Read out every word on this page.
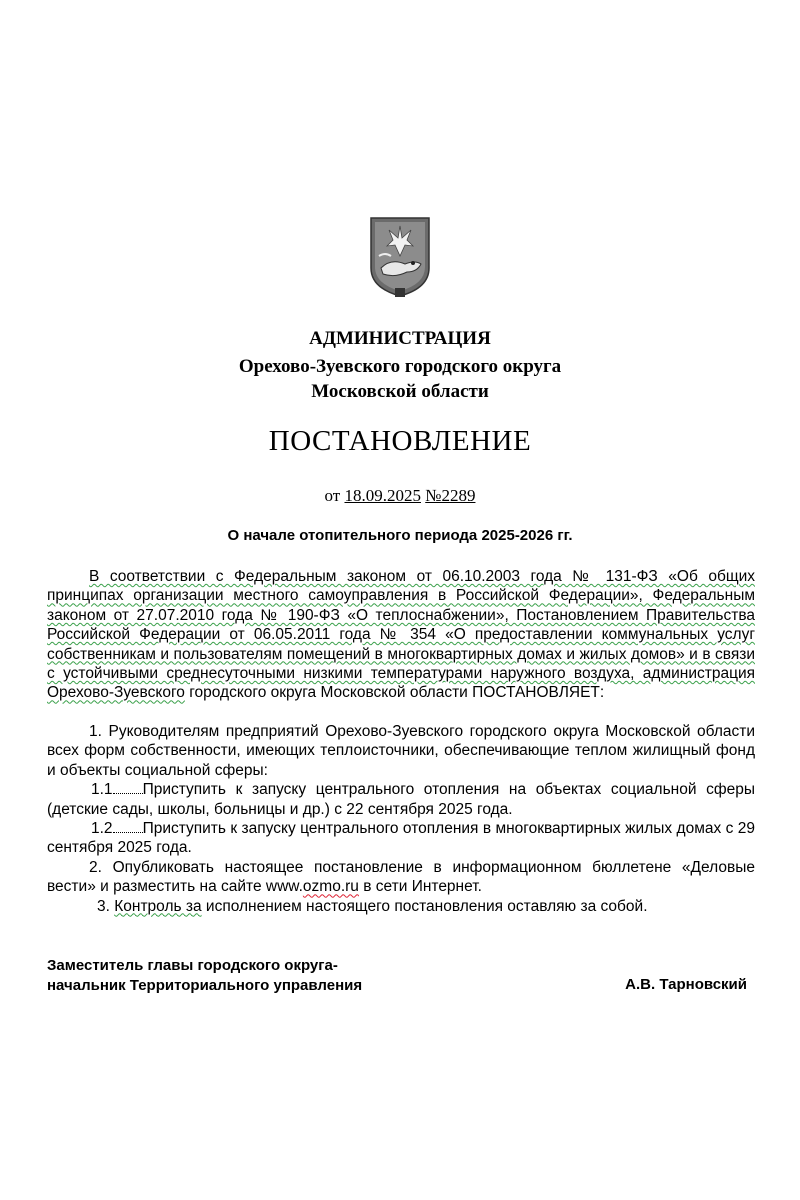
АДМИНИСТРАЦИЯ
Орехово-Зуевского городского округа
Московской области
ПОСТАНОВЛЕНИЕ
от 18.09.2025 №2289
О начале отопительного периода 2025-2026 гг.

В соответствии с Федеральным законом от 06.10.2003 года № 131-ФЗ «Об общих принципах организации местного самоуправления в Российской Федерации», Федеральным законом от 27.07.2010 года № 190-ФЗ «О теплоснабжении», Постановлением Правительства Российской Федерации от 06.05.2011 года № 354 «О предоставлении коммунальных услуг собственникам и пользователям помещений в многоквартирных домах и жилых домов» и в связи с устойчивыми среднесуточными низкими температурами наружного воздуха, администрация Орехово-Зуевского городского округа Московской области ПОСТАНОВЛЯЕТ:

1. Руководителям предприятий Орехово-Зуевского городского округа Московской области всех форм собственности, имеющих теплоисточники, обеспечивающие теплом жилищный фонд и объекты социальной сферы:

1.1 Приступить к запуску центрального отопления на объектах социальной сферы (детские сады, школы, больницы и др.) с 22 сентября 2025 года.

1.2 Приступить к запуску центрального отопления в многоквартирных жилых домах с 29 сентября 2025 года.

2. Опубликовать настоящее постановление в информационном бюллетене «Деловые вести» и разместить на сайте www.ozmo.ru в сети Интернет.

3. Контроль за исполнением настоящего постановления оставляю за собой.

Заместитель главы городского округа-
начальник Территориального управления	А.В. Тарновский
